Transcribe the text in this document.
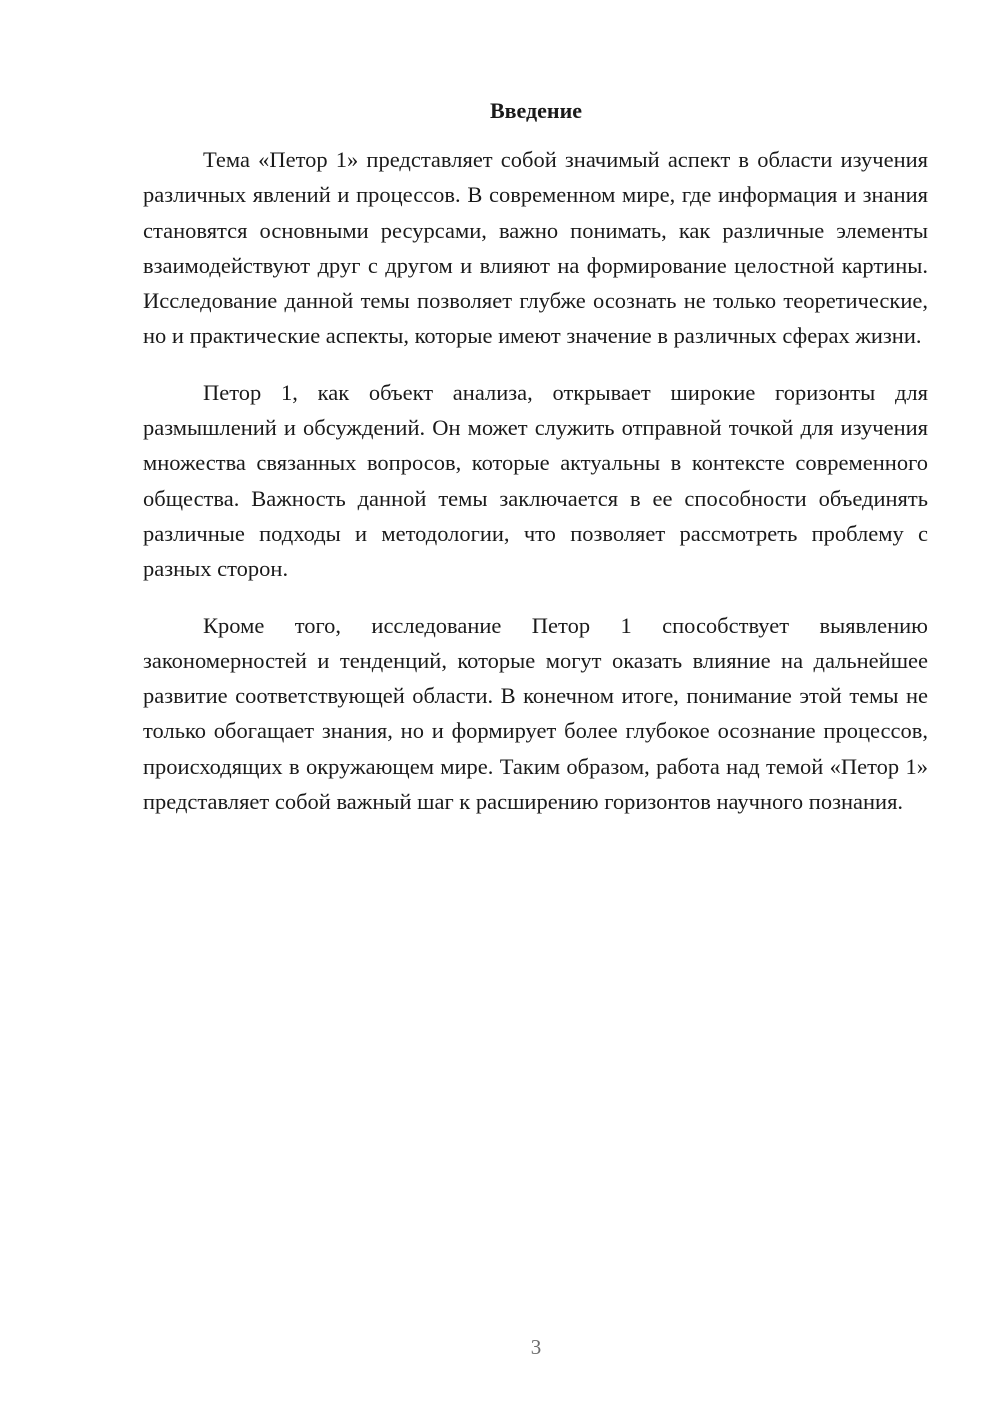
Введение

Тема «Петор 1» представляет собой значимый аспект в области изучения различных явлений и процессов. В современном мире, где информация и знания становятся основными ресурсами, важно понимать, как различные элементы взаимодействуют друг с другом и влияют на формирование целостной картины. Исследование данной темы позволяет глубже осознать не только теоретические, но и практические аспекты, которые имеют значение в различных сферах жизни.

Петор 1, как объект анализа, открывает широкие горизонты для размышлений и обсуждений. Он может служить отправной точкой для изучения множества связанных вопросов, которые актуальны в контексте современного общества. Важность данной темы заключается в ее способности объединять различные подходы и методологии, что позволяет рассмотреть проблему с разных сторон.

Кроме того, исследование Петор 1 способствует выявлению закономерностей и тенденций, которые могут оказать влияние на дальнейшее развитие соответствующей области. В конечном итоге, понимание этой темы не только обогащает знания, но и формирует более глубокое осознание процессов, происходящих в окружающем мире. Таким образом, работа над темой «Петор 1» представляет собой важный шаг к расширению горизонтов научного познания.

3
